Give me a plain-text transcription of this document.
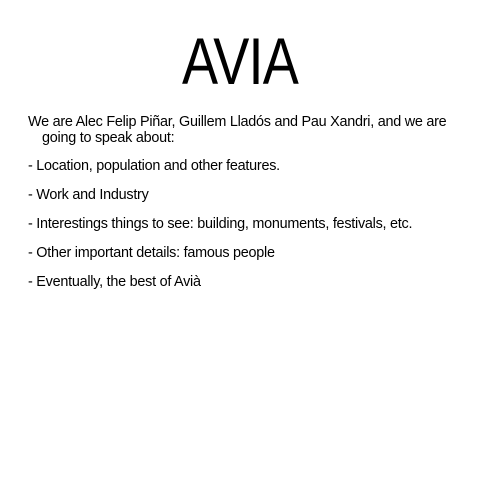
AVIA

We are Alec Felip Piñar, Guillem Lladós and Pau Xandri, and we are going to speak about:

- Location, population and other features.

- Work and Industry

- Interestings things to see: building, monuments, festivals, etc.

- Other important details: famous people

- Eventually, the best of Avià
